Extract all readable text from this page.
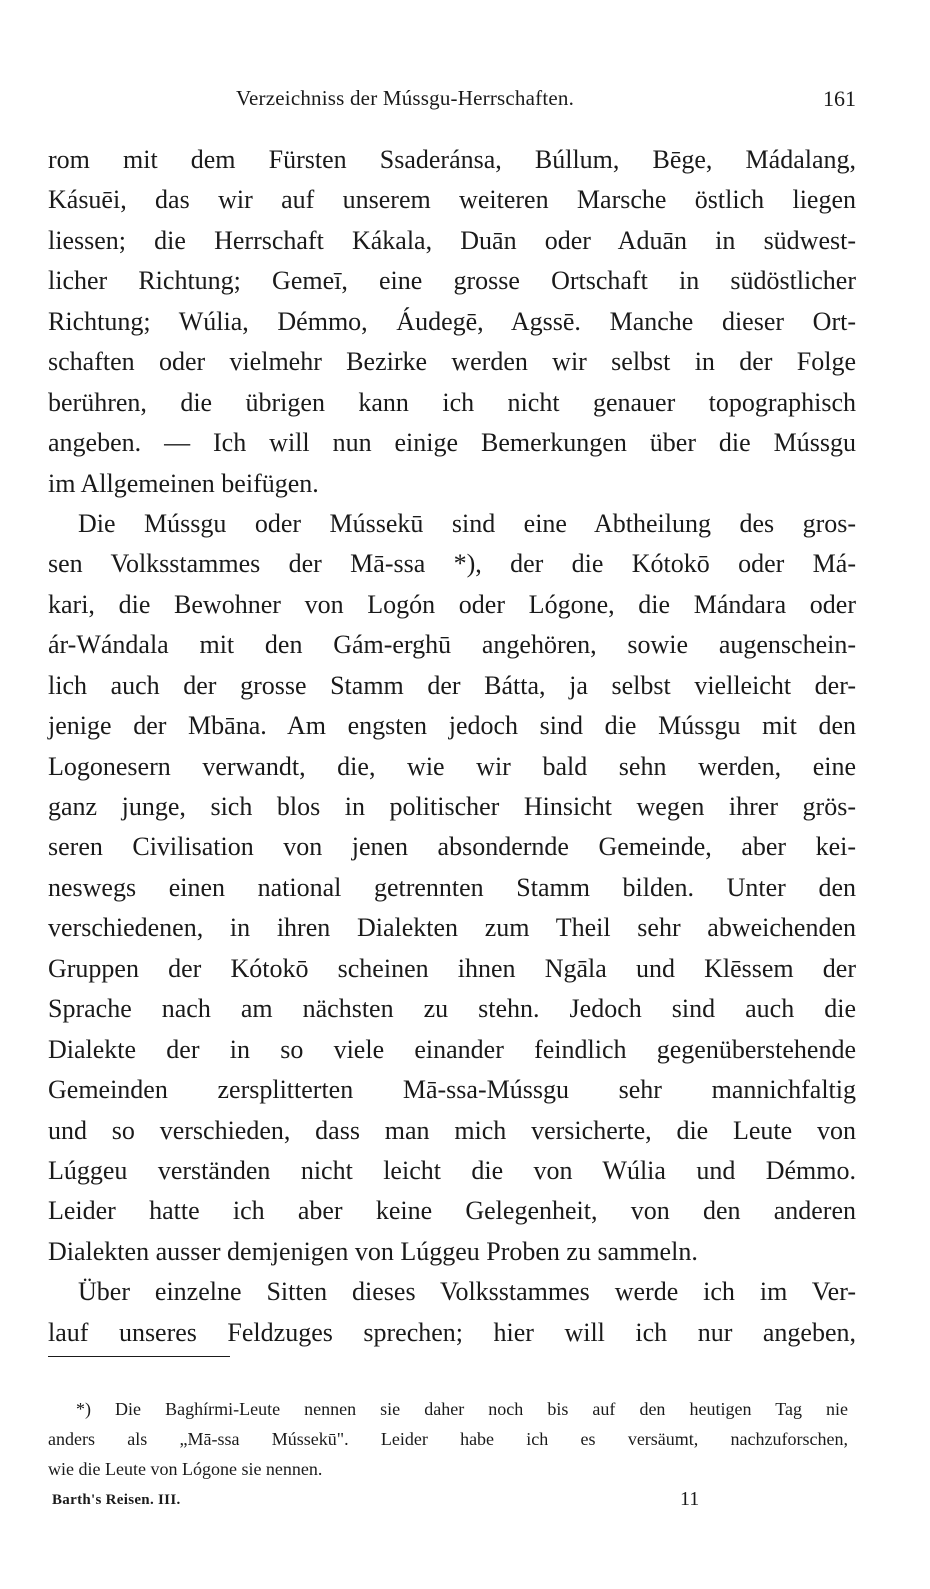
Verzeichniss der Mússgu-Herrschaften.	161
rom mit dem Fürsten Ssaderánsa, Búllum, Bēge, Mádalang,
Kásuēi, das wir auf unserem weiteren Marsche östlich liegen
liessen; die Herrschaft Kákala, Duān oder Aduān in südwest-
licher Richtung; Gemeī, eine grosse Ortschaft in südöstlicher
Richtung; Wúlia, Démmo, Áudegē, Agssē. Manche dieser Ort-
schaften oder vielmehr Bezirke werden wir selbst in der Folge
berühren, die übrigen kann ich nicht genauer topographisch
angeben. — Ich will nun einige Bemerkungen über die Mússgu
im Allgemeinen beifügen.
Die Mússgu oder Mússekū sind eine Abtheilung des gros-
sen Volksstammes der Mā-ssa *), der die Kótokō oder Má-
kari, die Bewohner von Logón oder Lógone, die Mándara oder
ár-Wándala mit den Gám-erghū angehören, sowie augenschein-
lich auch der grosse Stamm der Bátta, ja selbst vielleicht der-
jenige der Mbāna. Am engsten jedoch sind die Mússgu mit den
Logonesern verwandt, die, wie wir bald sehn werden, eine
ganz junge, sich blos in politischer Hinsicht wegen ihrer grös-
seren Civilisation von jenen absondernde Gemeinde, aber kei-
neswegs einen national getrennten Stamm bilden. Unter den
verschiedenen, in ihren Dialekten zum Theil sehr abweichenden
Gruppen der Kótokō scheinen ihnen Ngāla und Klēssem der
Sprache nach am nächsten zu stehn. Jedoch sind auch die
Dialekte der in so viele einander feindlich gegenüberstehende
Gemeinden zersplitterten Mā-ssa-Mússgu sehr mannichfaltig
und so verschieden, dass man mich versicherte, die Leute von
Lúggeu verständen nicht leicht die von Wúlia und Démmo.
Leider hatte ich aber keine Gelegenheit, von den anderen
Dialekten ausser demjenigen von Lúggeu Proben zu sammeln.
Über einzelne Sitten dieses Volksstammes werde ich im Ver-
lauf unseres Feldzuges sprechen; hier will ich nur angeben,
*) Die Baghírmi-Leute nennen sie daher noch bis auf den heutigen Tag nie
anders als „Mā-ssa Mússekū". Leider habe ich es versäumt, nachzuforschen,
wie die Leute von Lógone sie nennen.
Barth's Reisen. III.	11
